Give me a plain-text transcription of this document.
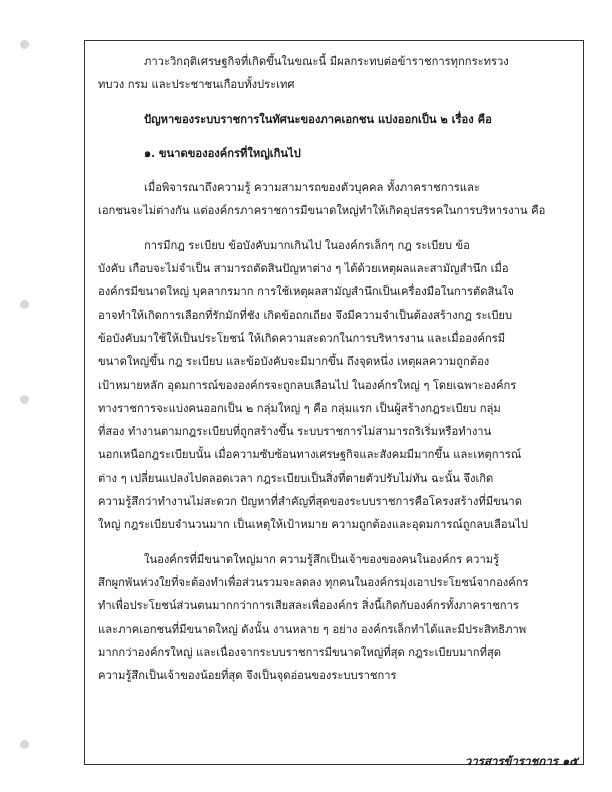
ภาวะวิกฤติเศรษฐกิจที่เกิดขึ้นในขณะนี้ มีผลกระทบต่อข้าราชการทุกกระทรวง
ทบวง กรม และประชาชนเกือบทั้งประเทศ

ปัญหาของระบบราชการในทัศนะของภาคเอกชน แบ่งออกเป็น ๒ เรื่อง คือ

๑. ขนาดขององค์กรที่ใหญ่เกินไป

เมื่อพิจารณาถึงความรู้ ความสามารถของตัวบุคคล ทั้งภาคราชการและ
เอกชนจะไม่ต่างกัน แต่องค์กรภาคราชการมีขนาดใหญ่ทำให้เกิดอุปสรรคในการบริหารงาน คือ

การมีกฎ ระเบียบ ข้อบังคับมากเกินไป ในองค์กรเล็กๆ กฎ ระเบียบ ข้อ
บังคับ เกือบจะไม่จำเป็น สามารถตัดสินปัญหาต่าง ๆ ได้ด้วยเหตุผลและสามัญสำนึก เมื่อ
องค์กรมีขนาดใหญ่ บุคลากรมาก การใช้เหตุผลสามัญสำนึกเป็นเครื่องมือในการตัดสินใจ
อาจทำให้เกิดการเลือกที่รักมักที่ชัง เกิดข้อถกเถียง จึงมีความจำเป็นต้องสร้างกฎ ระเบียบ
ข้อบังคับมาใช้ให้เป็นประโยชน์ ให้เกิดความสะดวกในการบริหารงาน และเมื่อองค์กรมี
ขนาดใหญ่ขึ้น กฎ ระเบียบ และข้อบังคับจะมีมากขึ้น ถึงจุดหนึ่ง เหตุผลความถูกต้อง
เป้าหมายหลัก อุดมการณ์ขององค์กรจะถูกลบเลือนไป ในองค์กรใหญ่ ๆ โดยเฉพาะองค์กร
ทางราชการจะแบ่งคนออกเป็น ๒ กลุ่มใหญ่ ๆ คือ กลุ่มแรก เป็นผู้สร้างกฎระเบียบ กลุ่ม
ที่สอง ทำงานตามกฎระเบียบที่ถูกสร้างขึ้น ระบบราชการไม่สามารถริเริ่มหรือทำงาน
นอกเหนือกฎระเบียบนั้น เมื่อความซับซ้อนทางเศรษฐกิจและสังคมมีมากขึ้น และเหตุการณ์
ต่าง ๆ เปลี่ยนแปลงไปตลอดเวลา กฎระเบียบเป็นสิ่งที่ตายตัวปรับไม่ทัน ฉะนั้น จึงเกิด
ความรู้สึกว่าทำงานไม่สะดวก ปัญหาที่สำคัญที่สุดของระบบราชการคือโครงสร้างที่มีขนาด
ใหญ่ กฎระเบียบจำนวนมาก เป็นเหตุให้เป้าหมาย ความถูกต้องและอุดมการณ์ถูกลบเลือนไป

ในองค์กรที่มีขนาดใหญ่มาก ความรู้สึกเป็นเจ้าของของคนในองค์กร ความรู้
สึกผูกพันห่วงใยที่จะต้องทำเพื่อส่วนรวมจะลดลง ทุกคนในองค์กรมุ่งเอาประโยชน์จากองค์กร
ทำเพื่อประโยชน์ส่วนตนมากกว่าการเสียสละเพื่อองค์กร สิ่งนี้เกิดกับองค์กรทั้งภาคราชการ
และภาคเอกชนที่มีขนาดใหญ่ ดังนั้น งานหลาย ๆ อย่าง องค์กรเล็กทำได้และมีประสิทธิภาพ
มากกว่าองค์กรใหญ่ และเนื่องจากระบบราชการมีขนาดใหญ่ที่สุด กฎระเบียบมากที่สุด
ความรู้สึกเป็นเจ้าของน้อยที่สุด จึงเป็นจุดอ่อนของระบบราชการ

วารสารข้าราชการ ๑๕
